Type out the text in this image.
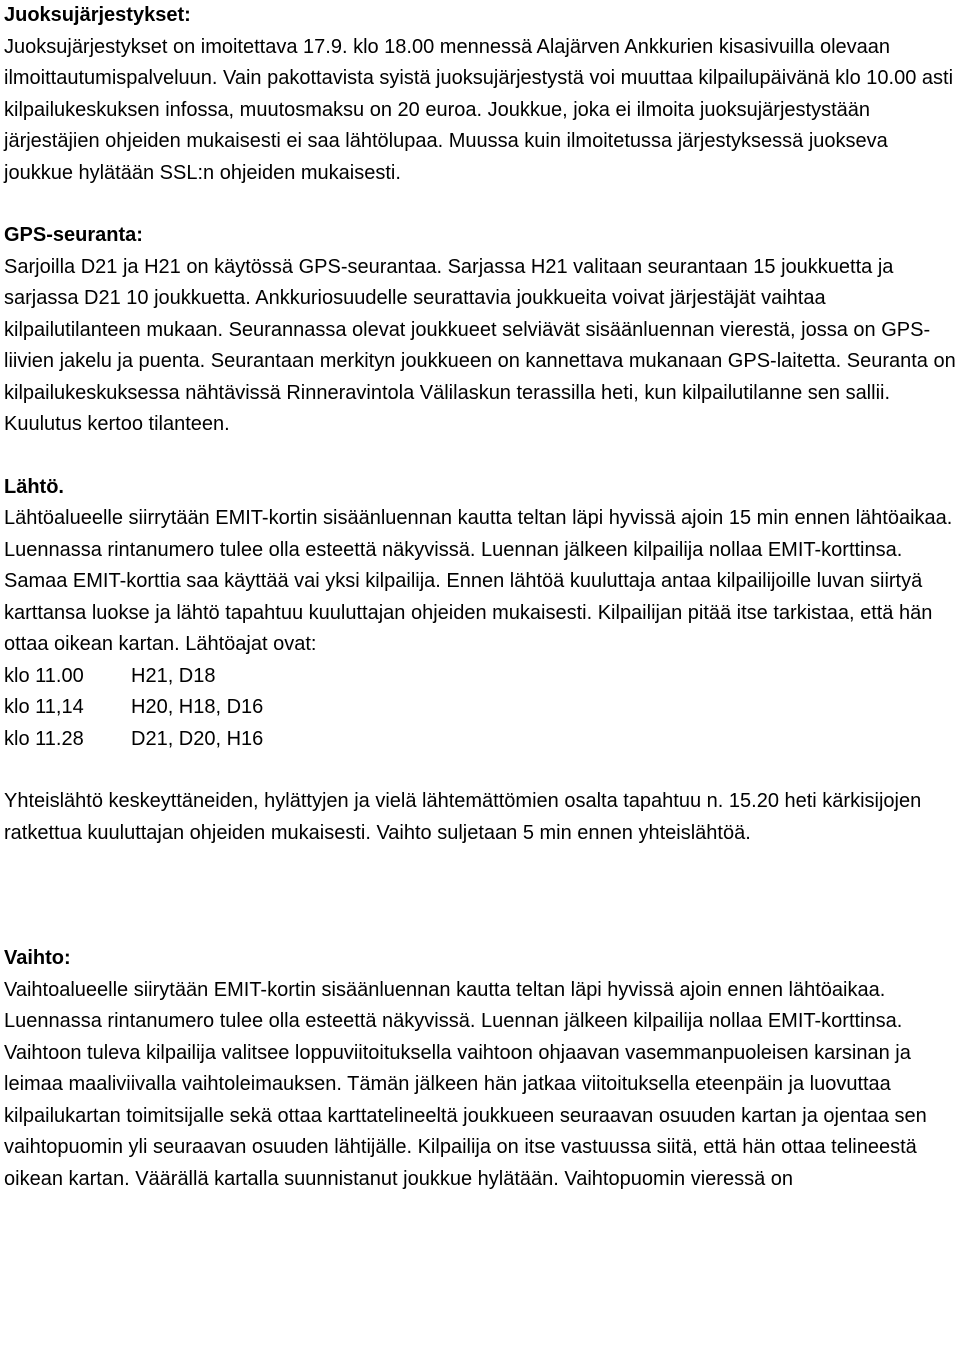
Juoksujärjestykset:

Juoksujärjestykset on imoitettava 17.9. klo 18.00 mennessä Alajärven Ankkurien kisasivuilla olevaan ilmoittautumispalveluun. Vain pakottavista syistä juoksujärjestystä voi muuttaa kilpailupäivänä klo 10.00 asti kilpailukeskuksen infossa, muutosmaksu on 20 euroa. Joukkue, joka ei ilmoita juoksujärjestystään järjestäjien ohjeiden mukaisesti ei saa lähtölupaa. Muussa kuin ilmoitetussa järjestyksessä juokseva joukkue hylätään SSL:n ohjeiden mukaisesti.

GPS-seuranta:

Sarjoilla D21 ja H21 on käytössä GPS-seurantaa. Sarjassa H21 valitaan seurantaan 15 joukkuetta ja sarjassa D21 10 joukkuetta. Ankkuriosuudelle seurattavia joukkueita voivat järjestäjät vaihtaa kilpailutilanteen mukaan. Seurannassa olevat joukkueet selviävät sisäänluennan vierestä, jossa on GPS-liivien jakelu ja puenta. Seurantaan merkityn joukkueen on kannettava mukanaan GPS-laitetta. Seuranta on kilpailukeskuksessa nähtävissä Rinneravintola Välilaskun terassilla heti, kun kilpailutilanne sen sallii. Kuulutus kertoo tilanteen.

Lähtö.

Lähtöalueelle siirrytään EMIT-kortin sisäänluennan kautta teltan läpi hyvissä ajoin 15 min ennen lähtöaikaa. Luennassa rintanumero tulee olla esteettä näkyvissä. Luennan jälkeen kilpailija nollaa EMIT-korttinsa. Samaa EMIT-korttia saa käyttää vai yksi kilpailija. Ennen lähtöä kuuluttaja antaa kilpailijoille luvan siirtyä karttansa luokse ja lähtö tapahtuu kuuluttajan ohjeiden mukaisesti. Kilpailijan pitää itse tarkistaa, että hän ottaa oikean kartan. Lähtöajat ovat:

klo 11.00	H21, D18
klo 11,14	H20, H18, D16
klo 11.28	D21, D20, H16

Yhteislähtö keskeyttäneiden, hylättyjen ja vielä lähtemättömien osalta tapahtuu n. 15.20 heti kärkisijojen ratkettua kuuluttajan ohjeiden mukaisesti. Vaihto suljetaan 5 min ennen yhteislähtöä.

Vaihto:

Vaihtoalueelle siirytään EMIT-kortin sisäänluennan kautta teltan läpi hyvissä ajoin ennen lähtöaikaa. Luennassa rintanumero tulee olla esteettä näkyvissä. Luennan jälkeen kilpailija nollaa EMIT-korttinsa. Vaihtoon tuleva kilpailija valitsee loppuviitoituksella vaihtoon ohjaavan vasemmanpuoleisen karsinan ja leimaa maaliviivalla vaihtoleimauksen. Tämän jälkeen hän jatkaa viitoituksella eteenpäin ja luovuttaa kilpailukartan toimitsijalle sekä ottaa karttatelineeltä joukkueen seuraavan osuuden kartan ja ojentaa sen vaihtopuomin yli seuraavan osuuden lähtijälle. Kilpailija on itse vastuussa siitä, että hän ottaa telineestä oikean kartan. Väärällä kartalla suunnistanut joukkue hylätään. Vaihtopuomin vieressä on
